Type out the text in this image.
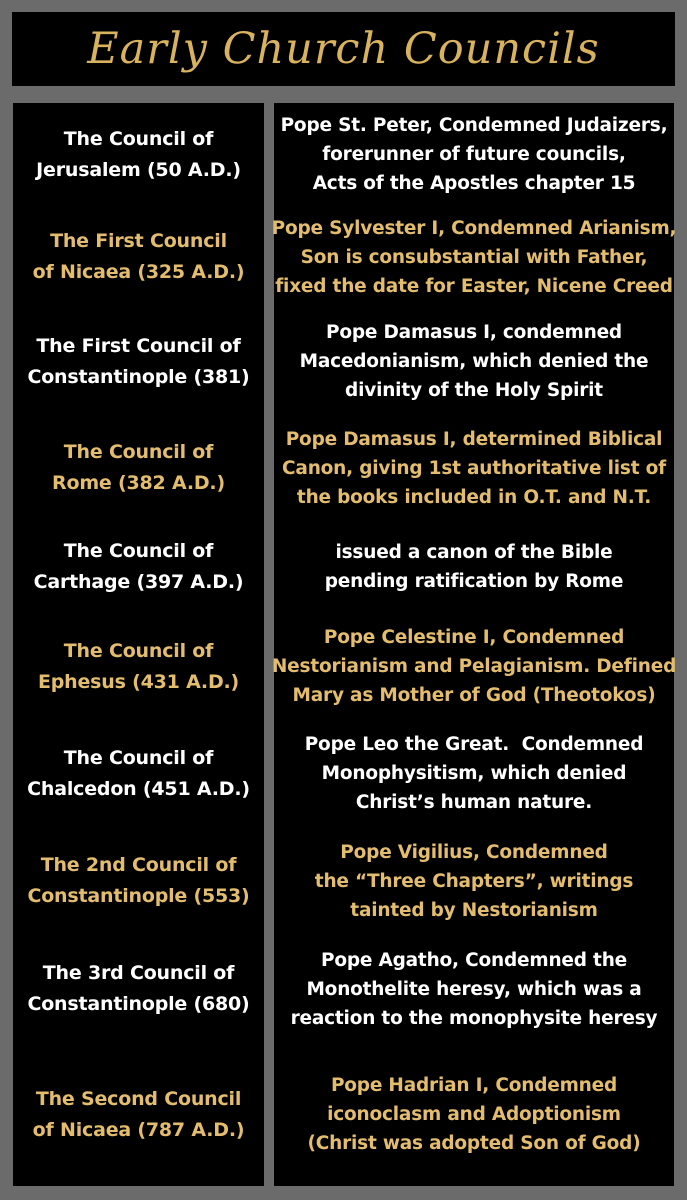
Early Church Councils
The Council of
Jerusalem (50 A.D.)
The First Council
of Nicaea (325 A.D.)
The First Council of
Constantinople (381)
The Council of
Rome (382 A.D.)
The Council of
Carthage (397 A.D.)
The Council of
Ephesus (431 A.D.)
The Council of
Chalcedon (451 A.D.)
The 2nd Council of
Constantinople (553)
The 3rd Council of
Constantinople (680)
The Second Council
of Nicaea (787 A.D.)
Pope St. Peter, Condemned Judaizers,
forerunner of future councils,
Acts of the Apostles chapter 15
Pope Sylvester I, Condemned Arianism,
Son is consubstantial with Father,
fixed the date for Easter, Nicene Creed
Pope Damasus I, condemned
Macedonianism, which denied the
divinity of the Holy Spirit
Pope Damasus I, determined Biblical
Canon, giving 1st authoritative list of
the books included in O.T. and N.T.
issued a canon of the Bible
pending ratification by Rome
Pope Celestine I, Condemned
Nestorianism and Pelagianism. Defined
Mary as Mother of God (Theotokos)
Pope Leo the Great.  Condemned
Monophysitism, which denied
Christ’s human nature.
Pope Vigilius, Condemned
the “Three Chapters”, writings
tainted by Nestorianism
Pope Agatho, Condemned the
Monothelite heresy, which was a
reaction to the monophysite heresy
Pope Hadrian I, Condemned
iconoclasm and Adoptionism
(Christ was adopted Son of God)
